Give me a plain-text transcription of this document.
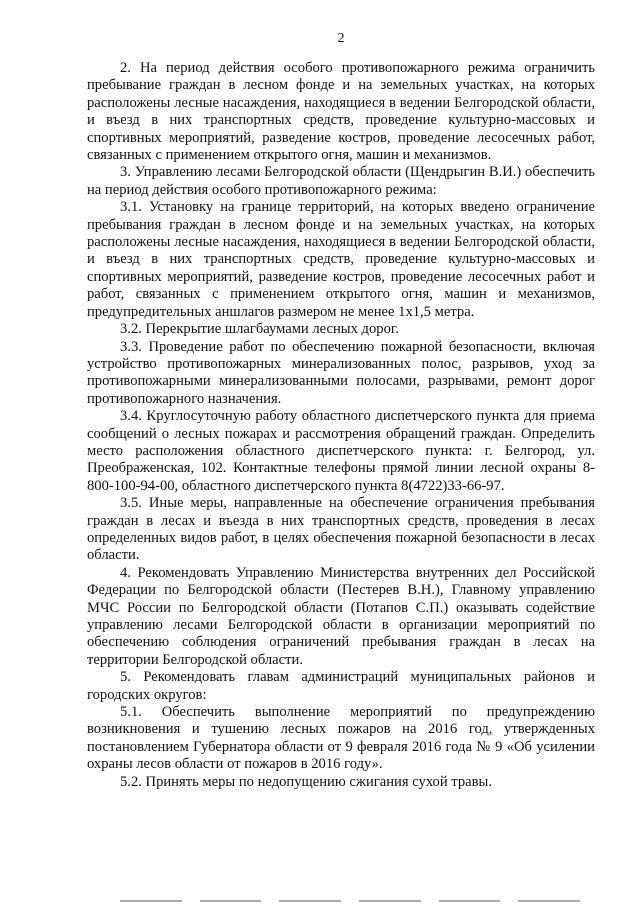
2

2. На период действия особого противопожарного режима ограничить пребывание граждан в лесном фонде и на земельных участках, на которых расположены лесные насаждения, находящиеся в ведении Белгородской области, и въезд в них транспортных средств, проведение культурно-массовых и спортивных мероприятий, разведение костров, проведение лесосечных работ, связанных с применением открытого огня, машин и механизмов.

3. Управлению лесами Белгородской области (Щендрыгин В.И.) обеспечить на период действия особого противопожарного режима:

3.1. Установку на границе территорий, на которых введено ограничение пребывания граждан в лесном фонде и на земельных участках, на которых расположены лесные насаждения, находящиеся в ведении Белгородской области, и въезд в них транспортных средств, проведение культурно-массовых и спортивных мероприятий, разведение костров, проведение лесосечных работ и работ, связанных с применением открытого огня, машин и механизмов, предупредительных аншлагов размером не менее 1х1,5 метра.

3.2. Перекрытие шлагбаумами лесных дорог.

3.3. Проведение работ по обеспечению пожарной безопасности, включая устройство противопожарных минерализованных полос, разрывов, уход за противопожарными минерализованными полосами, разрывами, ремонт дорог противопожарного назначения.

3.4. Круглосуточную работу областного диспетчерского пункта для приема сообщений о лесных пожарах и рассмотрения обращений граждан. Определить место расположения областного диспетчерского пункта: г. Белгород, ул. Преображенская, 102. Контактные телефоны прямой линии лесной охраны 8-800-100-94-00, областного диспетчерского пункта 8(4722)33-66-97.

3.5. Иные меры, направленные на обеспечение ограничения пребывания граждан в лесах и въезда в них транспортных средств, проведения в лесах определенных видов работ, в целях обеспечения пожарной безопасности в лесах области.

4. Рекомендовать Управлению Министерства внутренних дел Российской Федерации по Белгородской области (Пестерев В.Н.), Главному управлению МЧС России по Белгородской области (Потапов С.П.) оказывать содействие управлению лесами Белгородской области в организации мероприятий по обеспечению соблюдения ограничений пребывания граждан в лесах на территории Белгородской области.

5. Рекомендовать главам администраций муниципальных районов и городских округов:

5.1. Обеспечить выполнение мероприятий по предупреждению возникновения и тушению лесных пожаров на 2016 год, утвержденных постановлением Губернатора области от 9 февраля 2016 года № 9 «Об усилении охраны лесов области от пожаров в 2016 году».

5.2. Принять меры по недопущению сжигания сухой травы.
